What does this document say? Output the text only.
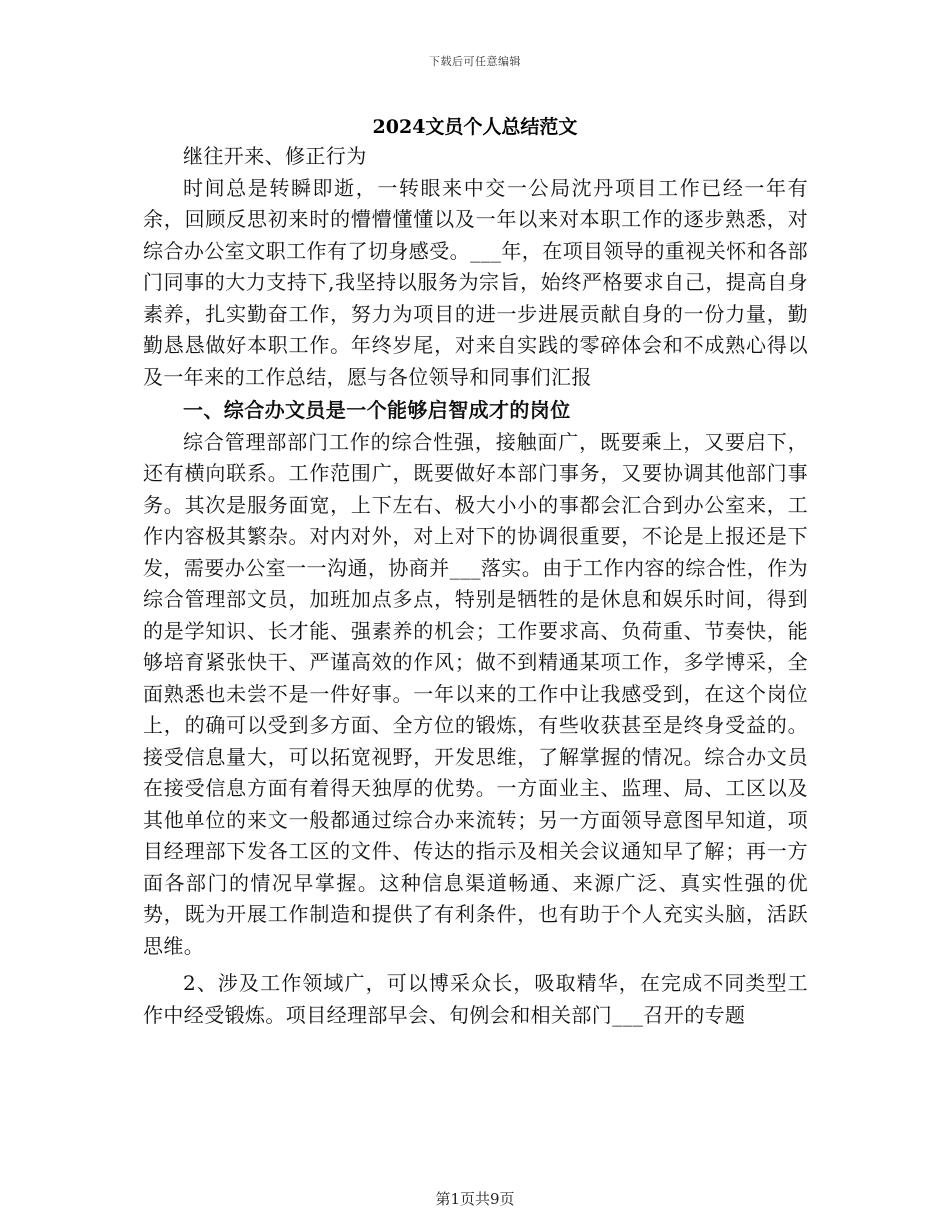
下载后可任意编辑
2024文员个人总结范文

继往开来、修正行为

时间总是转瞬即逝，一转眼来中交一公局沈丹项目工作已经一年有余，回顾反思初来时的懵懵懂懂以及一年以来对本职工作的逐步熟悉，对综合办公室文职工作有了切身感受。___年，在项目领导的重视关怀和各部门同事的大力支持下,我坚持以服务为宗旨，始终严格要求自己，提高自身素养，扎实勤奋工作，努力为项目的进一步进展贡献自身的一份力量，勤勤恳恳做好本职工作。年终岁尾，对来自实践的零碎体会和不成熟心得以及一年来的工作总结，愿与各位领导和同事们汇报

一、综合办文员是一个能够启智成才的岗位

综合管理部部门工作的综合性强，接触面广，既要乘上，又要启下，还有横向联系。工作范围广，既要做好本部门事务，又要协调其他部门事务。其次是服务面宽，上下左右、极大小小的事都会汇合到办公室来，工作内容极其繁杂。对内对外，对上对下的协调很重要，不论是上报还是下发，需要办公室一一沟通，协商并___落实。由于工作内容的综合性，作为综合管理部文员，加班加点多点，特别是牺牲的是休息和娱乐时间，得到的是学知识、长才能、强素养的机会；工作要求高、负荷重、节奏快，能够培育紧张快干、严谨高效的作风；做不到精通某项工作，多学博采，全面熟悉也未尝不是一件好事。一年以来的工作中让我感受到，在这个岗位上，的确可以受到多方面、全方位的锻炼，有些收获甚至是终身受益的。接受信息量大，可以拓宽视野，开发思维，了解掌握的情况。综合办文员在接受信息方面有着得天独厚的优势。一方面业主、监理、局、工区以及其他单位的来文一般都通过综合办来流转；另一方面领导意图早知道，项目经理部下发各工区的文件、传达的指示及相关会议通知早了解；再一方面各部门的情况早掌握。这种信息渠道畅通、来源广泛、真实性强的优势，既为开展工作制造和提供了有利条件，也有助于个人充实头脑，活跃思维。

2、涉及工作领域广，可以博采众长，吸取精华，在完成不同类型工作中经受锻炼。项目经理部早会、旬例会和相关部门___召开的专题

第1页共9页
